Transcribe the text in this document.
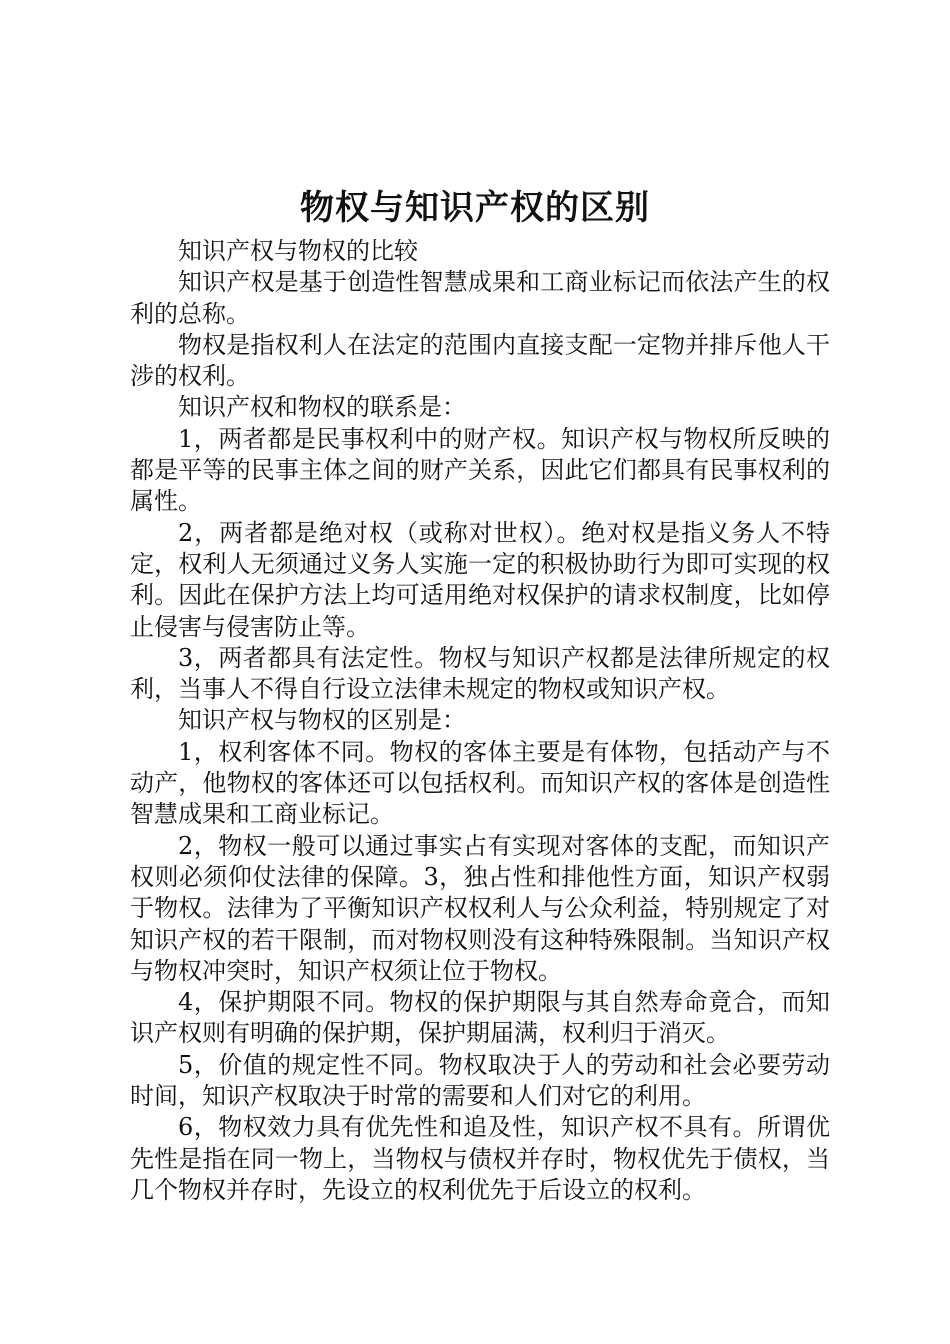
物权与知识产权的区别

知识产权与物权的比较

知识产权是基于创造性智慧成果和工商业标记而依法产生的权利的总称。

物权是指权利人在法定的范围内直接支配一定物并排斥他人干涉的权利。

知识产权和物权的联系是：

1，两者都是民事权利中的财产权。知识产权与物权所反映的都是平等的民事主体之间的财产关系，因此它们都具有民事权利的属性。

2，两者都是绝对权（或称对世权）。绝对权是指义务人不特定，权利人无须通过义务人实施一定的积极协助行为即可实现的权利。因此在保护方法上均可适用绝对权保护的请求权制度，比如停止侵害与侵害防止等。

3，两者都具有法定性。物权与知识产权都是法律所规定的权利，当事人不得自行设立法律未规定的物权或知识产权。

知识产权与物权的区别是：

1，权利客体不同。物权的客体主要是有体物，包括动产与不动产，他物权的客体还可以包括权利。而知识产权的客体是创造性智慧成果和工商业标记。

2，物权一般可以通过事实占有实现对客体的支配，而知识产权则必须仰仗法律的保障。3，独占性和排他性方面，知识产权弱于物权。法律为了平衡知识产权权利人与公众利益，特别规定了对知识产权的若干限制，而对物权则没有这种特殊限制。当知识产权与物权冲突时，知识产权须让位于物权。

4，保护期限不同。物权的保护期限与其自然寿命竟合，而知识产权则有明确的保护期，保护期届满，权利归于消灭。

5，价值的规定性不同。物权取决于人的劳动和社会必要劳动时间，知识产权取决于时常的需要和人们对它的利用。

6，物权效力具有优先性和追及性，知识产权不具有。所谓优先性是指在同一物上，当物权与债权并存时，物权优先于债权，当几个物权并存时，先设立的权利优先于后设立的权利。
